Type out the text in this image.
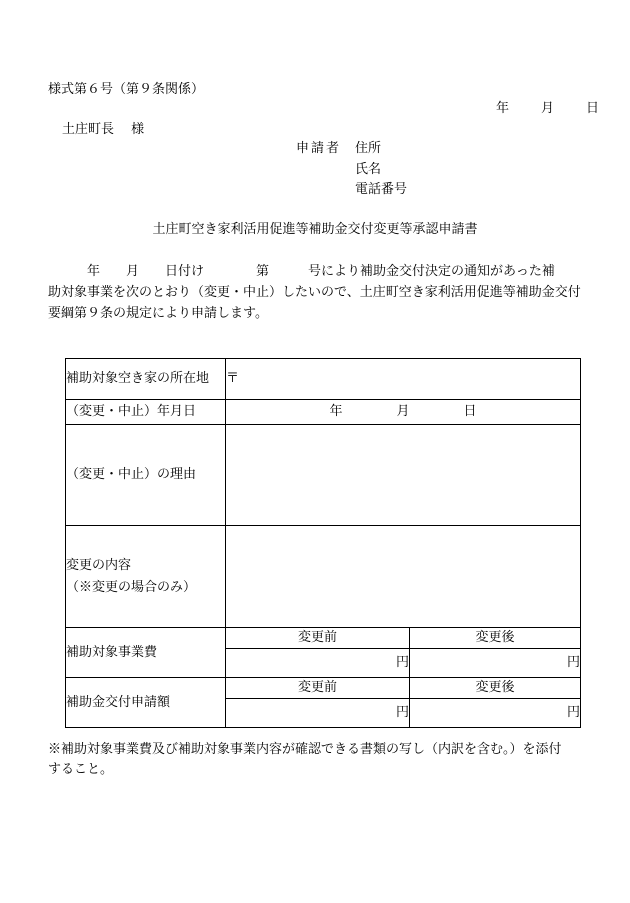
様式第６号（第９条関係）
年 月 日
土庄町長　 様
申請者 住所
氏名
電話番号
土庄町空き家利活用促進等補助金交付変更等承認申請書
　　　年　　月　　日付け　　　　第　　　号により補助金交付決定の通知があった補
助対象事業を次のとおり（変更・中止）したいので、土庄町空き家利活用促進等補助金交付
要綱第９条の規定により申請します。
補助対象空き家の所在地	〒	
（変更・中止）年月日	年 月 日	
（変更・中止）の理由		

変更の内容
（※変更の場合のみ）		

補助対象事業費	変更前	変更後
	円	円
補助金交付申請額	変更前	変更後
	円	円
※補助対象事業費及び補助対象事業内容が確認できる書類の写し（内訳を含む。）を添付
すること。
